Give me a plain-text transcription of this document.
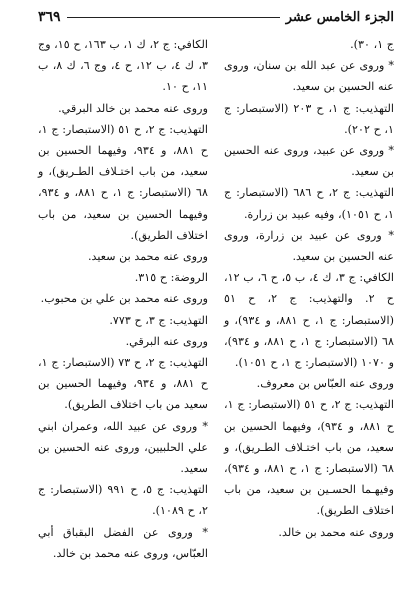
الجزء الخامس عشر
٣٦٩

ج ١، ٣٠).

* وروى عن عبد الله بن سنان، وروى عنه الحسين بن سعيد.

التهذيب: ج ١، ح ٢٠٣ (الاستبصار: ج ١، ح ٢٠٢).

* وروى عن عبيد، وروى عنه الحسين بن سعيد.

التهذيب: ج ٢، ح ٦٨٦ (الاستبصار: ج ١، ح ١٠٥١)، وفيه عبيد بن زرارة.

* وروى عن عبيد بن زرارة، وروى عنه الحسين بن سعيد.

الكافي: ج ٣، ك ٤، ب ٥، ح ٦، ب ١٢، ح ٢. والتهذيب: ج ٢، ح ٥١ (الاستبصار: ج ١، ح ٨٨١، و ٩٣٤)، و ٦٨ (الاستبصار: ج ١، ح ٨٨١، و ٩٣٤)، و ١٠٧٠ (الاستبصار: ج ١، ح ١٠٥١).

وروى عنه العبّاس بن معروف.

التهذيب: ج ٢، ح ٥١ (الاستبصار: ج ١، ح ٨٨١، و ٩٣٤)، وفيهما الحسين بن سعيد، من باب اختـلاف الطـريق)، و ٦٨ (الاستبصار: ج ١، ح ٨٨١، و ٩٣٤)، وفيهـما الحسـين بن سعيد، من باب اختلاف الطريق).

وروى عنه محمد بن خالد.

الكافي: ج ٢، ك ١، ب ١٦٣، ح ١٥، وج ٣، ك ٤، ب ١٢، ح ٤، وج ٦، ك ٨، ب ١١، ح ١٠.

وروى عنه محمد بن خالد البرقي.

التهذيب: ج ٢، ح ٥١ (الاستبصار: ج ١، ح ٨٨١، و ٩٣٤، وفيهما الحسين بن سعيد، من باب اختـلاف الطـريق)، و ٦٨ (الاستبصار: ج ١، ح ٨٨١، و ٩٣٤، وفيهما الحسين بن سعيد، من باب اختلاف الطريق).

وروى عنه محمد بن سعيد.

الروضة: ح ٣١٥.

وروى عنه محمد بن علي بن محبوب.

التهذيب: ج ٣، ح ٧٧٣.

وروى عنه البرقي.

التهذيب: ج ٢، ح ٧٣ (الاستبصار: ج ١، ح ٨٨١، و ٩٣٤، وفيهما الحسين بن سعيد من باب اختلاف الطريق).

* وروى عن عبيد الله، وعمران ابني علي الحلبيين، وروى عنه الحسين بن سعيد.

التهذيب: ج ٥، ح ٩٩١ (الاستبصار: ج ٢، ح ١٠٨٩).

* وروى عن الفضل البقباق أبي العبّاس، وروى عنه محمد بن خالد.
